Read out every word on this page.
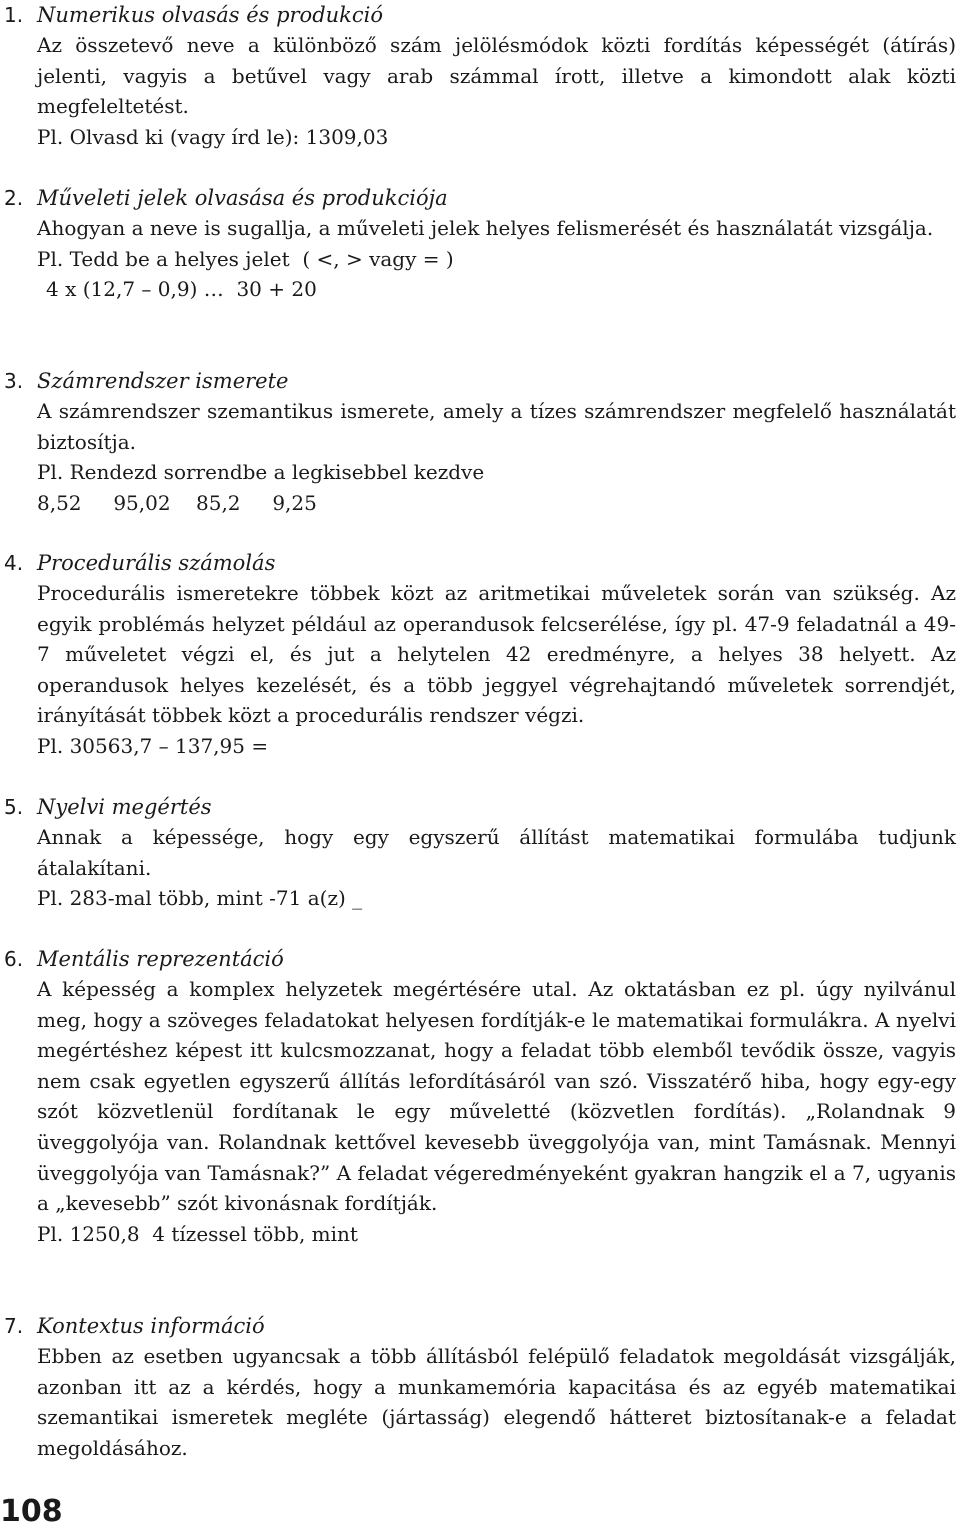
1. Numerikus olvasás és produkció

Az összetevő neve a különböző szám jelölésmódok közti fordítás képességét (átírás) jelenti, vagyis a betűvel vagy arab számmal írott, illetve a kimondott alak közti megfeleltetést.

Pl. Olvasd ki (vagy írd le): 1309,03

2. Műveleti jelek olvasása és produkciója

Ahogyan a neve is sugallja, a műveleti jelek helyes felismerését és használatát vizsgálja.

Pl. Tedd be a helyes jelet  ( <, > vagy = )

4 x (12,7 – 0,9) …  30 + 20

3. Számrendszer ismerete

A számrendszer szemantikus ismerete, amely a tízes számrendszer megfelelő használatát biztosítja.

Pl. Rendezd sorrendbe a legkisebbel kezdve

8,52     95,02    85,2     9,25

4. Procedurális számolás

Procedurális ismeretekre többek közt az aritmetikai műveletek során van szükség. Az egyik problémás helyzet például az operandusok felcserélése, így pl. 47-9 feladatnál a 49-7 műveletet végzi el, és jut a helytelen 42 eredményre, a helyes 38 helyett. Az operandusok helyes kezelését, és a több jeggyel végrehajtandó műveletek sorrendjét, irányítását többek közt a procedurális rendszer végzi.

Pl. 30563,7 – 137,95 =

5. Nyelvi megértés

Annak a képessége, hogy egy egyszerű állítást matematikai formulába tudjunk átalakítani.

Pl. 283-mal több, mint -71 a(z) _

6. Mentális reprezentáció

A képesség a komplex helyzetek megértésére utal. Az oktatásban ez pl. úgy nyilvánul meg, hogy a szöveges feladatokat helyesen fordítják-e le matematikai formulákra. A nyelvi megértéshez képest itt kulcsmozzanat, hogy a feladat több elemből tevődik össze, vagyis nem csak egyetlen egyszerű állítás lefordításáról van szó. Visszatérő hiba, hogy egy-egy szót közvetlenül fordítanak le egy műveletté (közvetlen fordítás). „Rolandnak 9 üveggolyója van. Rolandnak kettővel kevesebb üveggolyója van, mint Tamásnak. Mennyi üveggolyója van Tamásnak?” A feladat végeredményeként gyakran hangzik el a 7, ugyanis a „kevesebb” szót kivonásnak fordítják.

Pl. 1250,8  4 tízessel több, mint

7. Kontextus információ

Ebben az esetben ugyancsak a több állításból felépülő feladatok megoldását vizsgálják, azonban itt az a kérdés, hogy a munkamemória kapacitása és az egyéb matematikai szemantikai ismeretek megléte (jártasság) elegendő hátteret biztosítanak-e a feladat megoldásához.

108
